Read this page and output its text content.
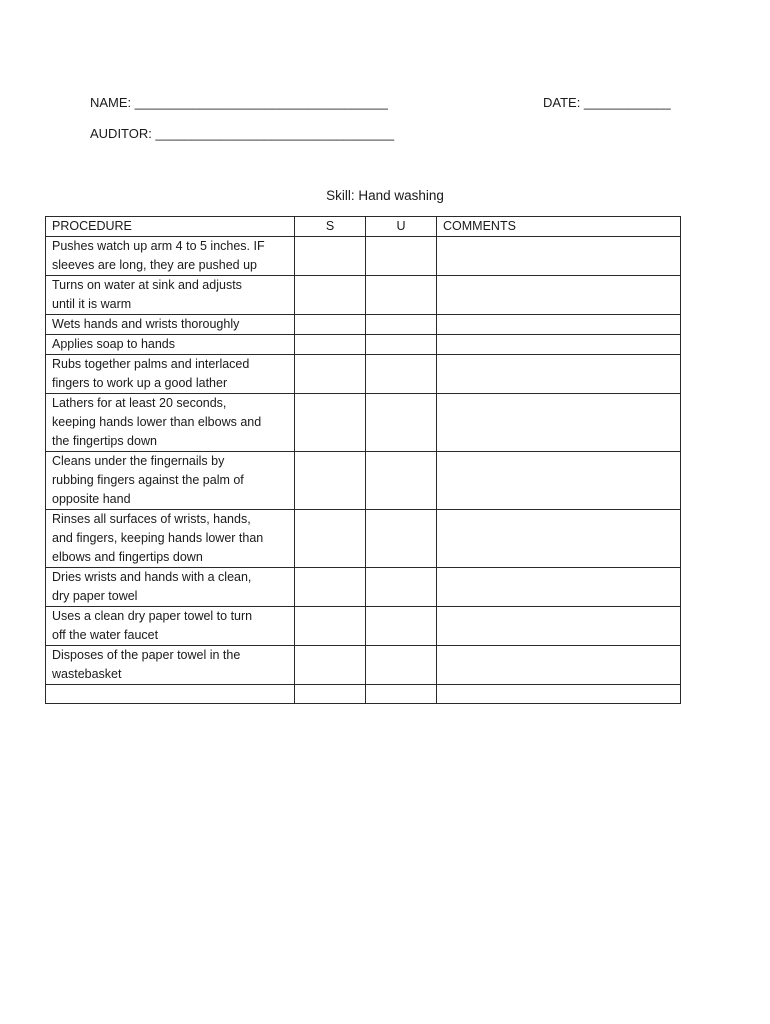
NAME: ___________________________________	DATE: ____________
AUDITOR: _________________________________
Skill: Hand washing
PROCEDURE	S	U	COMMENTS

Pushes watch up arm 4 to 5 inches. IF
sleeves are long, they are pushed up			

Turns on water at sink and adjusts
until it is warm			

Wets hands and wrists thoroughly			

Applies soap to hands			

Rubs together palms and interlaced
fingers to work up a good lather			

Lathers for at least 20 seconds,
keeping hands lower than elbows and
the fingertips down			

Cleans under the fingernails by
rubbing fingers against the palm of
opposite hand			

Rinses all surfaces of wrists, hands,
and fingers, keeping hands lower than
elbows and fingertips down			

Dries wrists and hands with a clean,
dry paper towel			

Uses a clean dry paper towel to turn
off the water faucet			

Disposes of the paper towel in the
wastebasket			
